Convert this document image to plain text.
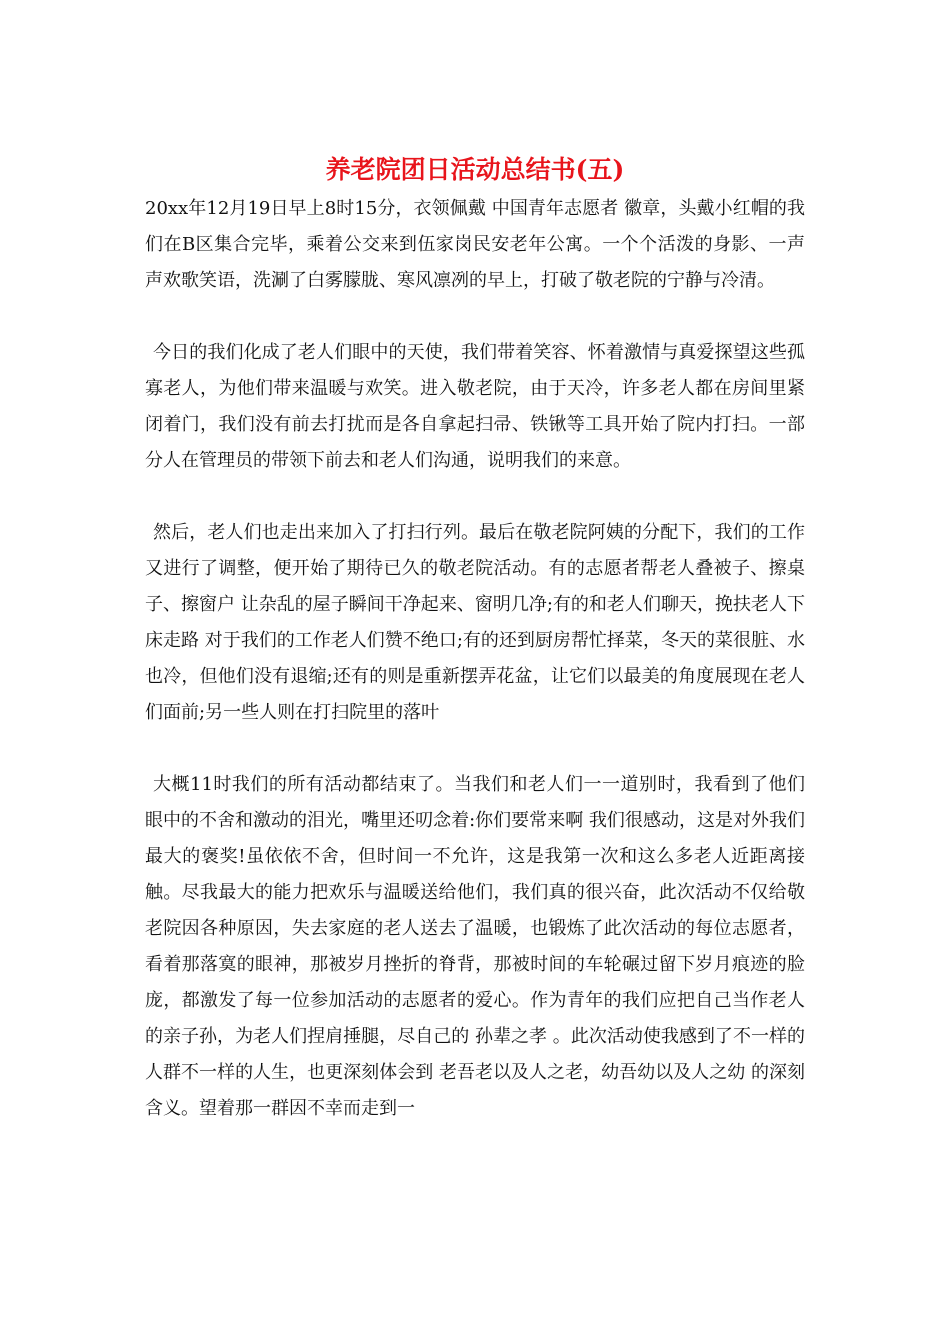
养老院团日活动总结书(五)

20xx年12月19日早上8时15分，衣领佩戴 中国青年志愿者 徽章，头戴小红帽的我们在B区集合完毕，乘着公交来到伍家岗民安老年公寓。一个个活泼的身影、一声声欢歌笑语，洗涮了白雾朦胧、寒风凛冽的早上，打破了敬老院的宁静与冷清。

今日的我们化成了老人们眼中的天使，我们带着笑容、怀着激情与真爱探望这些孤寡老人，为他们带来温暖与欢笑。进入敬老院，由于天冷，许多老人都在房间里紧闭着门，我们没有前去打扰而是各自拿起扫帚、铁锹等工具开始了院内打扫。一部分人在管理员的带领下前去和老人们沟通，说明我们的来意。

然后，老人们也走出来加入了打扫行列。最后在敬老院阿姨的分配下，我们的工作又进行了调整，便开始了期待已久的敬老院活动。有的志愿者帮老人叠被子、擦桌子、擦窗户 让杂乱的屋子瞬间干净起来、窗明几净;有的和老人们聊天，挽扶老人下床走路 对于我们的工作老人们赞不绝口;有的还到厨房帮忙择菜，冬天的菜很脏、水也冷，但他们没有退缩;还有的则是重新摆弄花盆，让它们以最美的角度展现在老人们面前;另一些人则在打扫院里的落叶

大概11时我们的所有活动都结束了。当我们和老人们一一道别时，我看到了他们眼中的不舍和激动的泪光，嘴里还叨念着:你们要常来啊 我们很感动，这是对外我们最大的褒奖!虽依依不舍，但时间一不允许，这是我第一次和这么多老人近距离接触。尽我最大的能力把欢乐与温暖送给他们，我们真的很兴奋，此次活动不仅给敬老院因各种原因，失去家庭的老人送去了温暖，也锻炼了此次活动的每位志愿者，看着那落寞的眼神，那被岁月挫折的脊背，那被时间的车轮碾过留下岁月痕迹的脸庞，都激发了每一位参加活动的志愿者的爱心。作为青年的我们应把自己当作老人的亲子孙，为老人们捏肩捶腿，尽自己的 孙辈之孝 。此次活动使我感到了不一样的人群不一样的人生，也更深刻体会到 老吾老以及人之老，幼吾幼以及人之幼 的深刻含义。望着那一群因不幸而走到一
